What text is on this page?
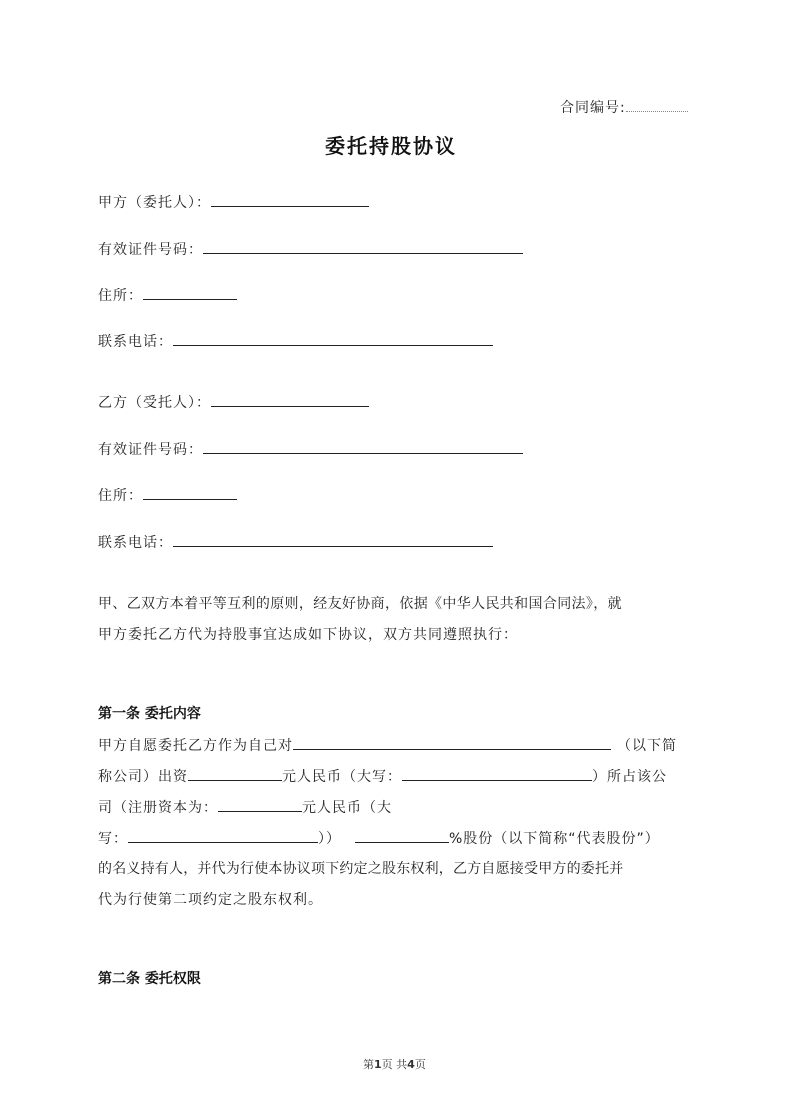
合同编号:
委托持股协议
甲方（委托人）：
有效证件号码：
住所：
联系电话：
乙方（受托人）：
有效证件号码：
住所：
联系电话：
甲、乙双方本着平等互利的原则，经友好协商，依据《中华人民共和国合同法》，就
甲方委托乙方代为持股事宜达成如下协议，双方共同遵照执行：
第一条 委托内容
甲方自愿委托乙方作为自己对	（以下简
称公司）出资	元人民币（大写：	）所占该公
司（注册资本为：	元人民币（大
写：	））	%股份（以下简称“代表股份”）
的名义持有人，并代为行使本协议项下约定之股东权利，乙方自愿接受甲方的委托并
代为行使第二项约定之股东权利。
第二条 委托权限
第1页 共4页
